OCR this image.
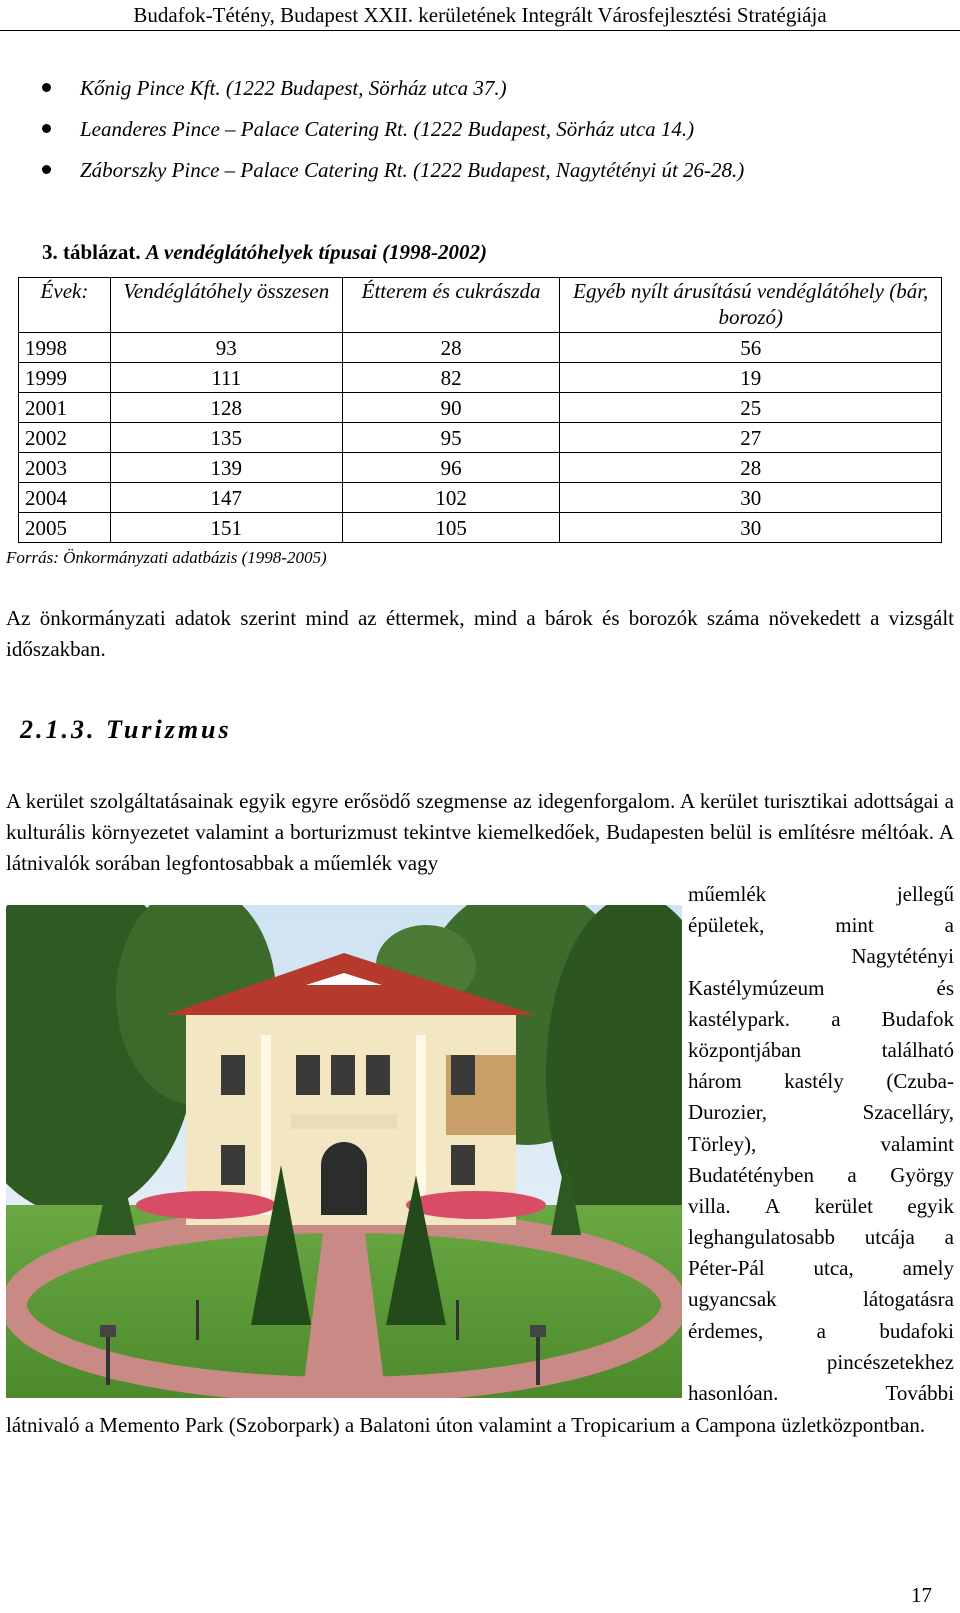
Budafok-Tétény, Budapest XXII. kerületének Integrált Városfejlesztési Stratégiája
Kőnig Pince Kft. (1222 Budapest, Sörház utca 37.)
Leanderes Pince – Palace Catering Rt. (1222 Budapest, Sörház utca 14.)
Záborszky Pince – Palace Catering Rt. (1222 Budapest, Nagytétényi út 26-28.)
3. táblázat. A vendéglátóhelyek típusai (1998-2002)
Évek:	Vendéglátóhely összesen	Étterem és cukrászda	Egyéb nyílt árusítású vendéglátóhely (bár, borozó)
1998	93	28	56
1999	111	82	19
2001	128	90	25
2002	135	95	27
2003	139	96	28
2004	147	102	30
2005	151	105	30
Forrás: Önkormányzati adatbázis (1998-2005)
Az önkormányzati adatok szerint mind az éttermek, mind a bárok és borozók száma növekedett a vizsgált időszakban.
2.1.3. Turizmus
A kerület szolgáltatásainak egyik egyre erősödő szegmense az idegenforgalom. A kerület turisztikai adottságai a kulturális környezetet valamint a borturizmust tekintve kiemelkedőek, Budapesten belül is említésre méltóak. A látnivalók sorában legfontosabbak a műemlék vagy
műemlék	jellegű
épületek,	mint	a
Nagytétényi
Kastélymúzeum	és
kastélypark. a Budafok
központjában	található
három kastély (Czuba-
Durozier,	Szacelláry,
Törley),	valamint
Budatétényben a György
villa. A kerület egyik
leghangulatosabb utcája a
Péter-Pál utca, amely
ugyancsak	látogatásra
érdemes,	a	budafoki
pincészetekhez
hasonlóan.	További
látnivaló a Memento Park (Szoborpark) a Balatoni úton valamint a Tropicarium a Campona üzletközpontban.
17
